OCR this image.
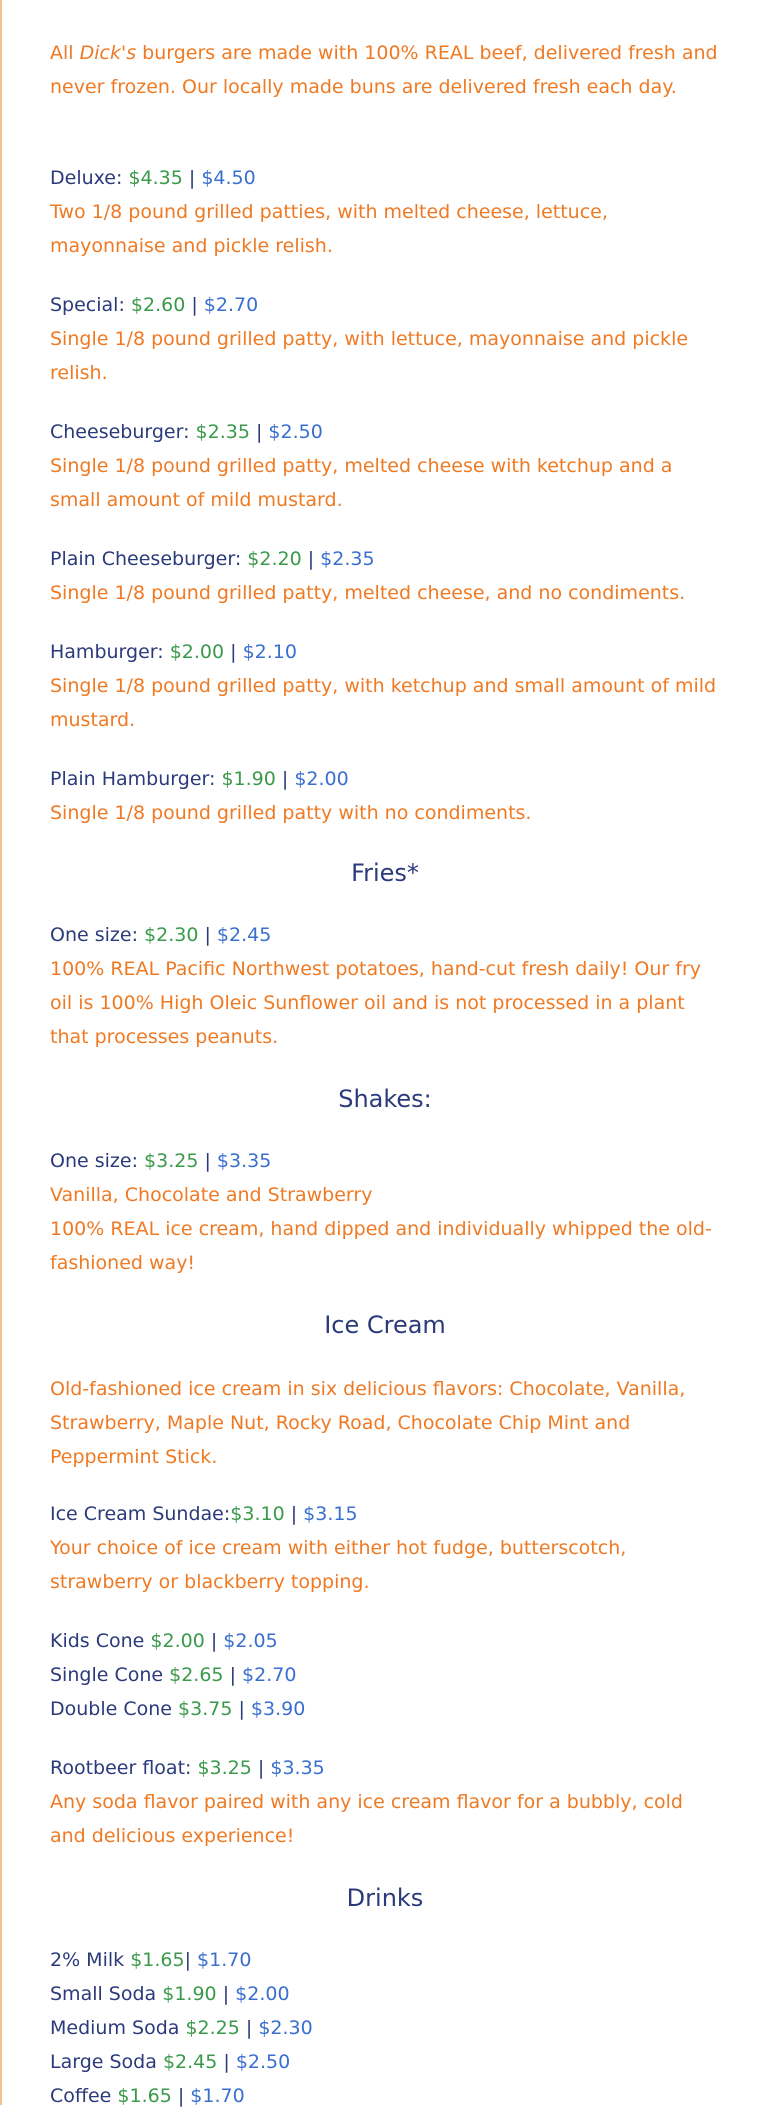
All Dick's burgers are made with 100% REAL beef, delivered fresh and never frozen. Our locally made buns are delivered fresh each day.

Deluxe: $4.35 | $4.50

Two 1/8 pound grilled patties, with melted cheese, lettuce, mayonnaise and pickle relish.

Special: $2.60 | $2.70

Single 1/8 pound grilled patty, with lettuce, mayonnaise and pickle relish.

Cheeseburger: $2.35 | $2.50

Single 1/8 pound grilled patty, melted cheese with ketchup and a small amount of mild mustard.

Plain Cheeseburger: $2.20 | $2.35

Single 1/8 pound grilled patty, melted cheese, and no condiments.

Hamburger: $2.00 | $2.10

Single 1/8 pound grilled patty, with ketchup and small amount of mild mustard.

Plain Hamburger: $1.90 | $2.00

Single 1/8 pound grilled patty with no condiments.

Fries*

One size: $2.30 | $2.45

100% REAL Pacific Northwest potatoes, hand-cut fresh daily! Our fry oil is 100% High Oleic Sunflower oil and is not processed in a plant that processes peanuts.

Shakes:

One size: $3.25 | $3.35

Vanilla, Chocolate and Strawberry

100% REAL ice cream, hand dipped and individually whipped the old-fashioned way!

Ice Cream

Old-fashioned ice cream in six delicious flavors: Chocolate, Vanilla, Strawberry, Maple Nut, Rocky Road, Chocolate Chip Mint and Peppermint Stick.

Ice Cream Sundae:$3.10 | $3.15

Your choice of ice cream with either hot fudge, butterscotch, strawberry or blackberry topping.

Kids Cone $2.00 | $2.05

Single Cone $2.65 | $2.70

Double Cone $3.75 | $3.90

Rootbeer float: $3.25 | $3.35

Any soda flavor paired with any ice cream flavor for a bubbly, cold and delicious experience!

Drinks

2% Milk $1.65| $1.70

Small Soda $1.90 | $2.00

Medium Soda $2.25 | $2.30

Large Soda $2.45 | $2.50

Coffee $1.65 | $1.70
